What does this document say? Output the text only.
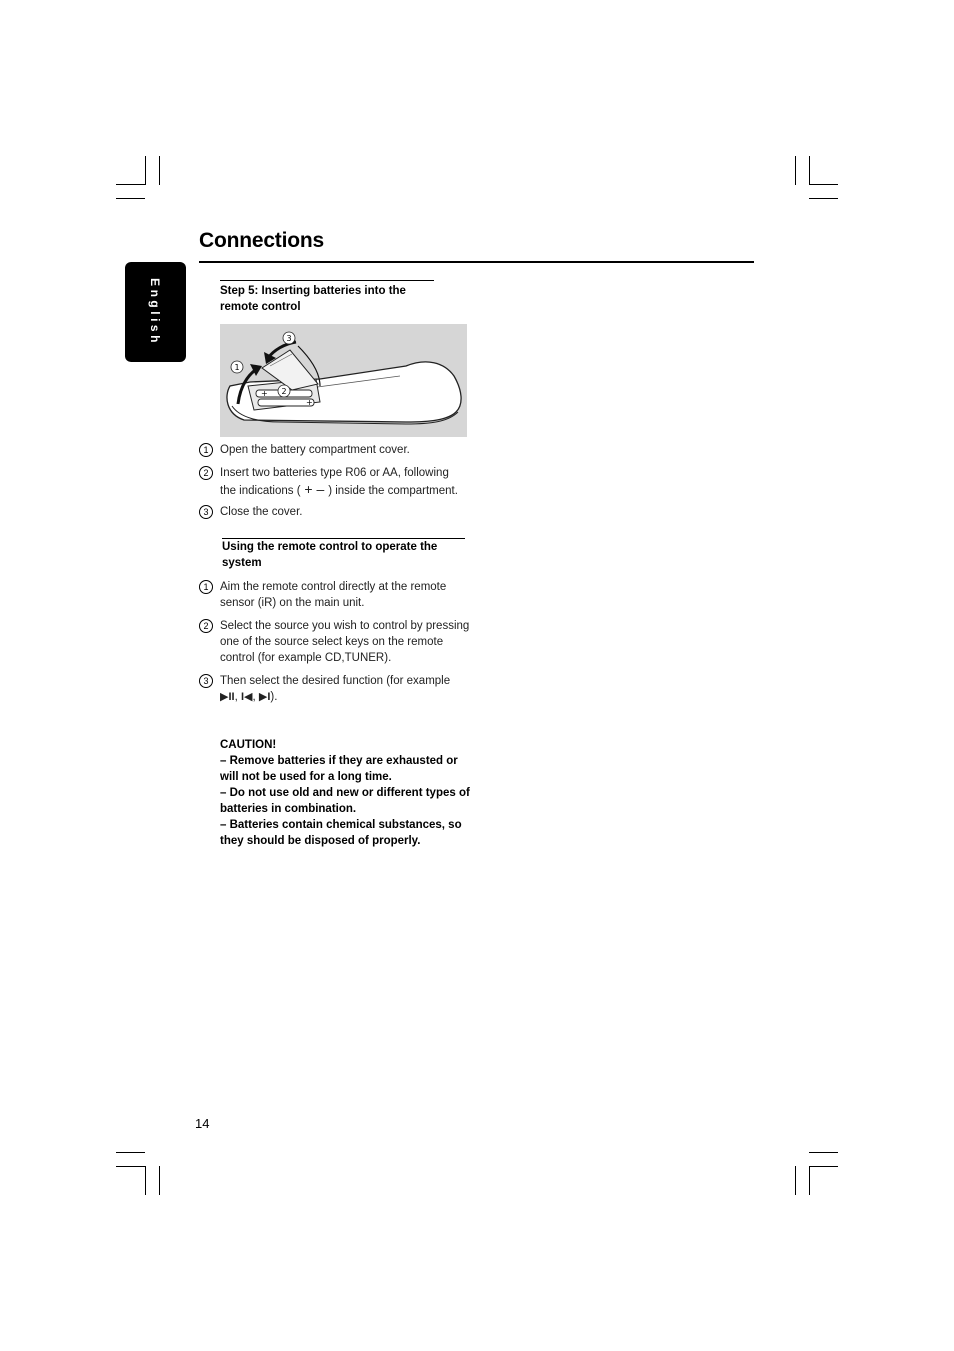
Connections
English	Step 5: Inserting batteries into the remote control
+
+
1
2
3
1	Open the battery compartment cover.
2	Insert two batteries type R06 or AA, following the indications ( + – ) inside the compartment.
3	Close the cover.
Using the remote control to operate the system
1	Aim the remote control directly at the remote sensor (iR) on the main unit.
2	Select the source you wish to control by pressing one of the source select keys on the remote control (for example CD,TUNER).
3	Then select the desired function (for example
▶II, I◀, ▶I).
CAUTION!
– Remove batteries if they are exhausted or will not be used for a long time.
– Do not use old and new or different types of batteries in combination.
– Batteries contain chemical substances, so they should be disposed of properly.
14
